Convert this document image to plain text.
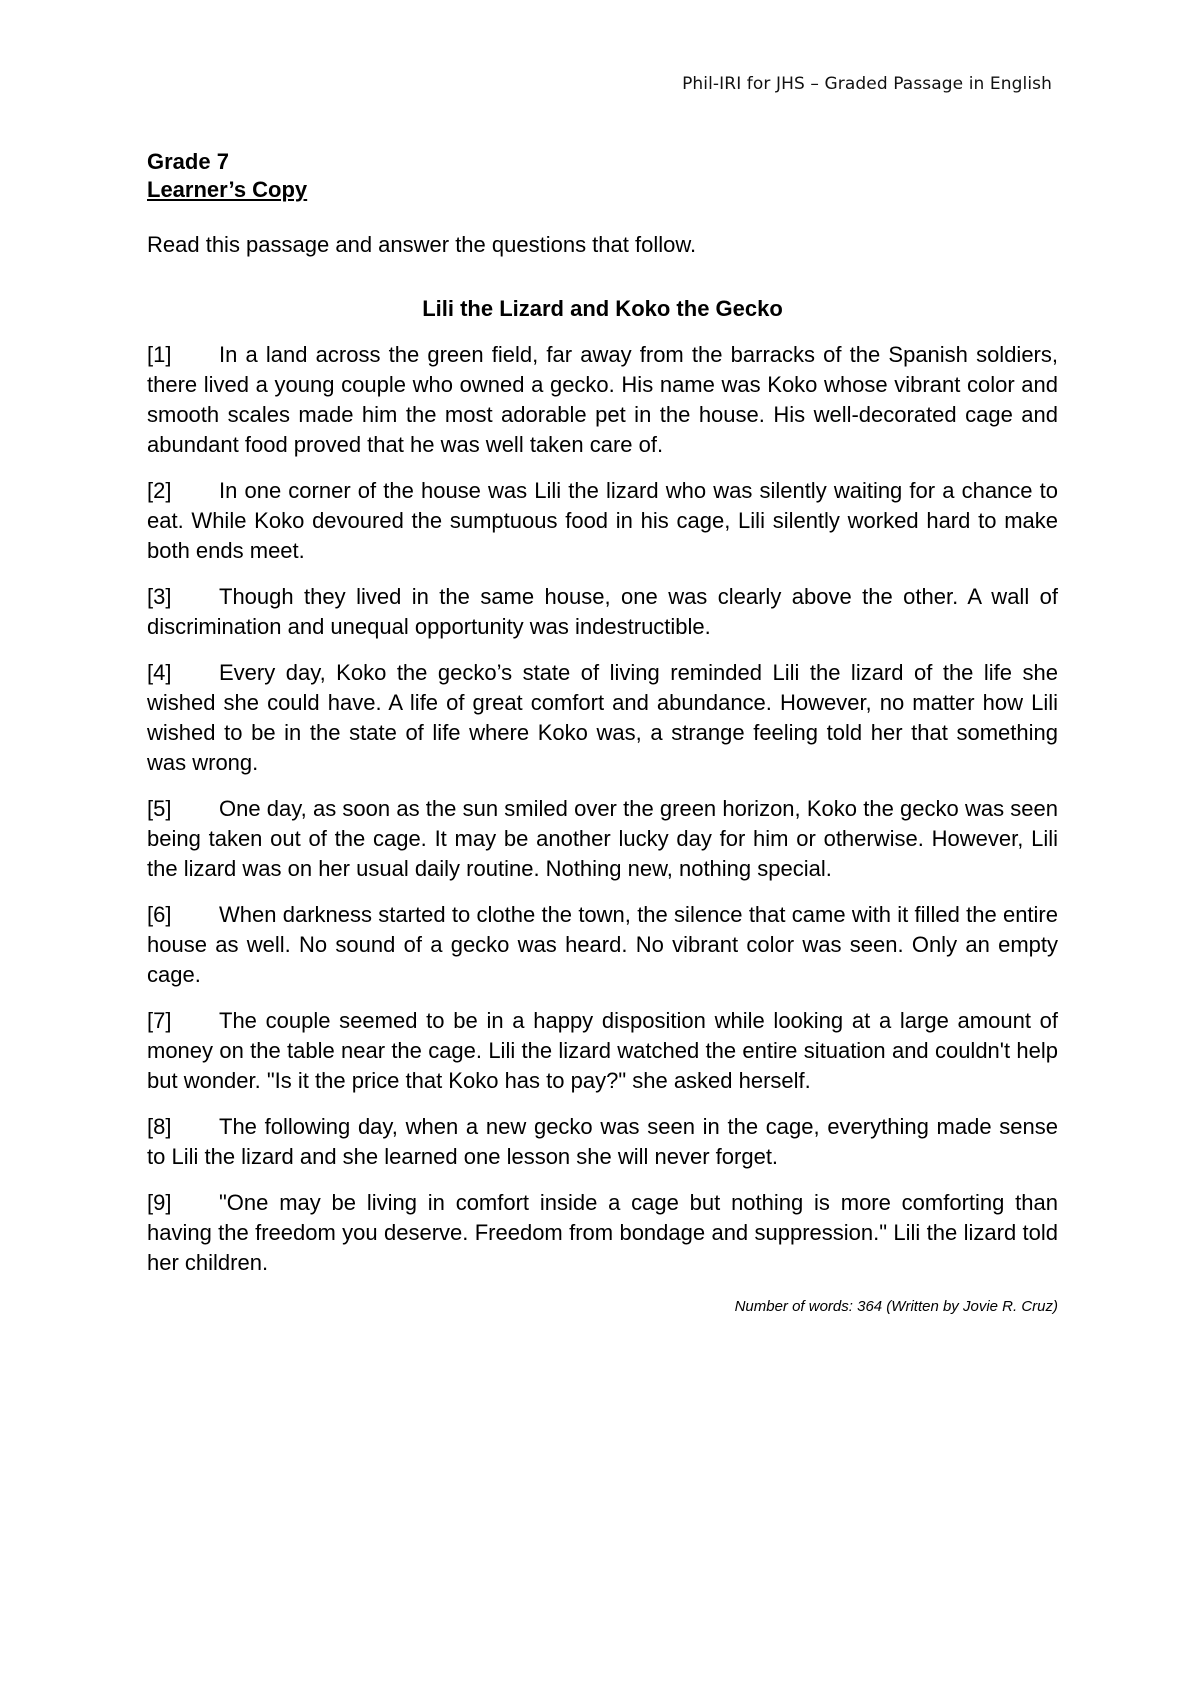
Phil-IRI for JHS – Graded Passage in English

Grade 7

Learner’s Copy

Read this passage and answer the questions that follow.

Lili the Lizard and Koko the Gecko

[1] In a land across the green field, far away from the barracks of the Spanish soldiers, there lived a young couple who owned a gecko. His name was Koko whose vibrant color and smooth scales made him the most adorable pet in the house. His well-decorated cage and abundant food proved that he was well taken care of.

[2] In one corner of the house was Lili the lizard who was silently waiting for a chance to eat. While Koko devoured the sumptuous food in his cage, Lili silently worked hard to make both ends meet.

[3] Though they lived in the same house, one was clearly above the other. A wall of discrimination and unequal opportunity was indestructible.

[4] Every day, Koko the gecko’s state of living reminded Lili the lizard of the life she wished she could have. A life of great comfort and abundance. However, no matter how Lili wished to be in the state of life where Koko was, a strange feeling told her that something was wrong.

[5] One day, as soon as the sun smiled over the green horizon, Koko the gecko was seen being taken out of the cage. It may be another lucky day for him or otherwise. However, Lili the lizard was on her usual daily routine. Nothing new, nothing special.

[6] When darkness started to clothe the town, the silence that came with it filled the entire house as well. No sound of a gecko was heard. No vibrant color was seen. Only an empty cage.

[7] The couple seemed to be in a happy disposition while looking at a large amount of money on the table near the cage. Lili the lizard watched the entire situation and couldn't help but wonder. "Is it the price that Koko has to pay?" she asked herself.

[8] The following day, when a new gecko was seen in the cage, everything made sense to Lili the lizard and she learned one lesson she will never forget.

[9] "One may be living in comfort inside a cage but nothing is more comforting than having the freedom you deserve. Freedom from bondage and suppression." Lili the lizard told her children.

Number of words: 364 (Written by Jovie R. Cruz)
